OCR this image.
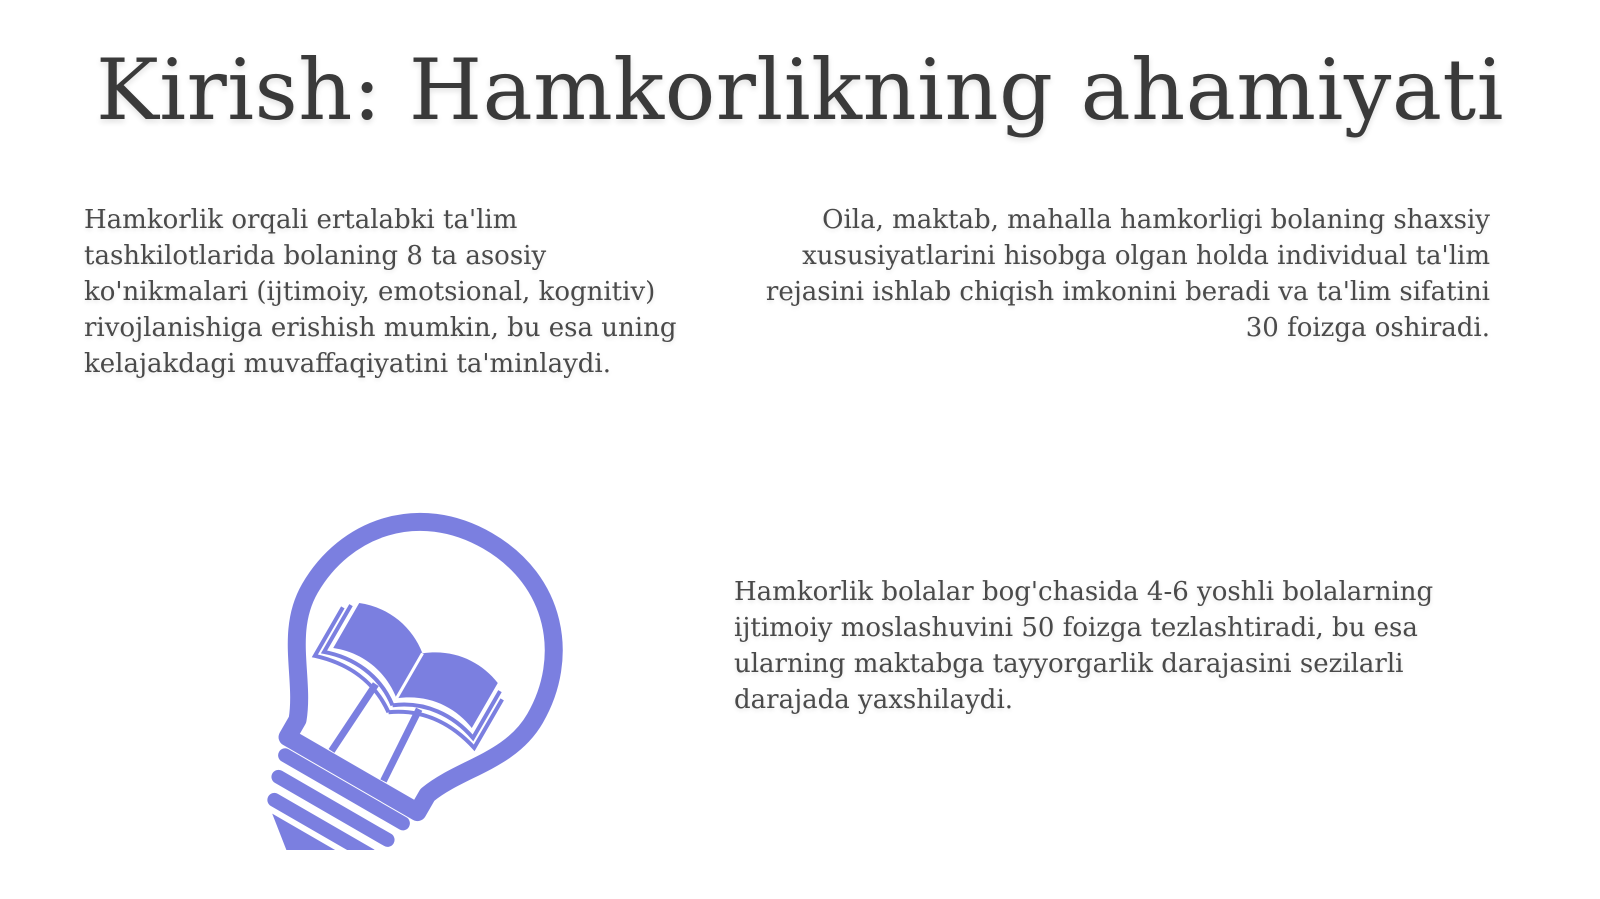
Kirish: Hamkorlikning ahamiyati

Hamkorlik orqali ertalabki ta'lim tashkilotlarida bolaning 8 ta asosiy ko'nikmalari (ijtimoiy, emotsional, kognitiv) rivojlanishiga erishish mumkin, bu esa uning kelajakdagi muvaffaqiyatini ta'minlaydi.

Oila, maktab, mahalla hamkorligi bolaning shaxsiy xususiyatlarini hisobga olgan holda individual ta'lim rejasini ishlab chiqish imkonini beradi va ta'lim sifatini 30 foizga oshiradi.

Hamkorlik bolalar bog'chasida 4-6 yoshli bolalarning ijtimoiy moslashuvini 50 foizga tezlashtiradi, bu esa ularning maktabga tayyorgarlik darajasini sezilarli darajada yaxshilaydi.
